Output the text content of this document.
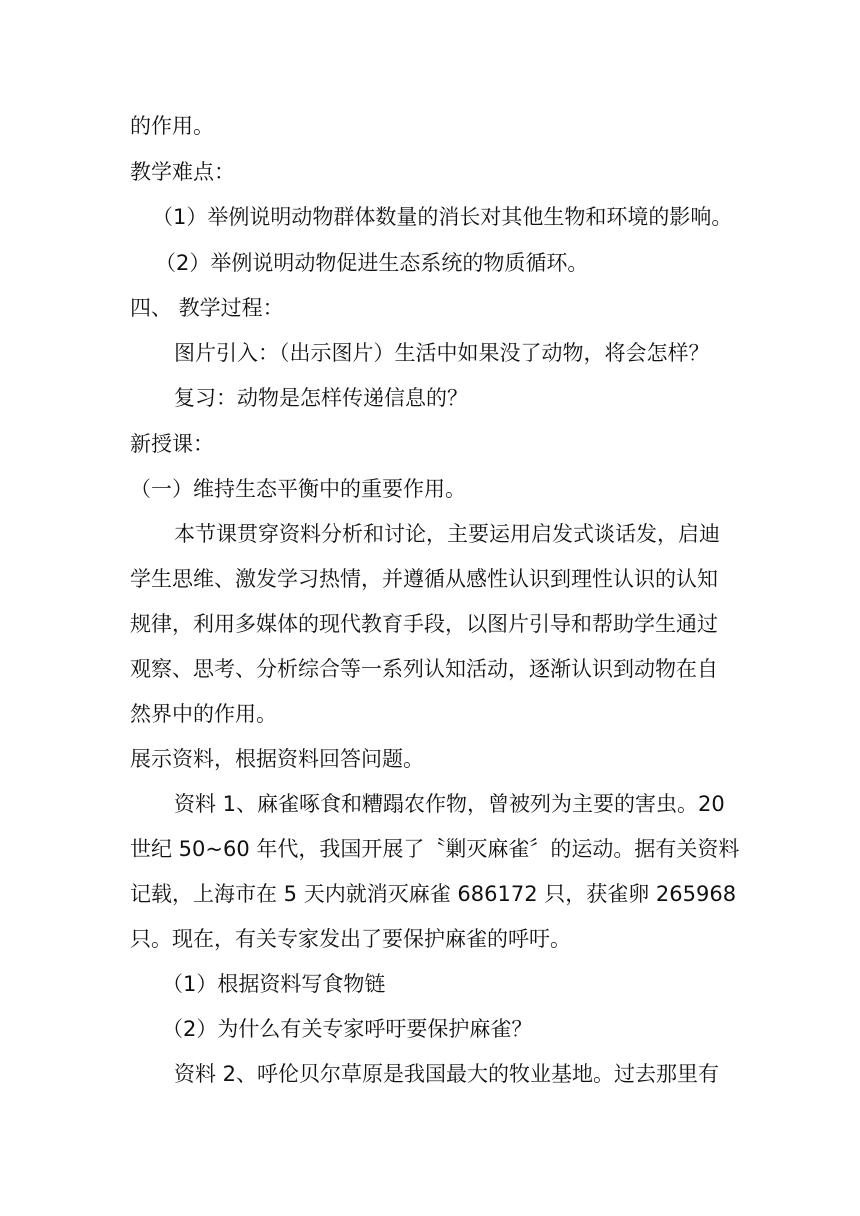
的作用。
教学难点：
（1）举例说明动物群体数量的消长对其他生物和环境的影响。
（2）举例说明动物促进生态系统的物质循环。
四、 教学过程：
图片引入：（出示图片）生活中如果没了动物，将会怎样？
复习：动物是怎样传递信息的？
新授课：
（一）维持生态平衡中的重要作用。
本节课贯穿资料分析和讨论，主要运用启发式谈话发，启迪
学生思维、激发学习热情，并遵循从感性认识到理性认识的认知
规律，利用多媒体的现代教育手段，以图片引导和帮助学生通过
观察、思考、分析综合等一系列认知活动，逐渐认识到动物在自
然界中的作用。
展示资料，根据资料回答问题。
资料 1、麻雀啄食和糟蹋农作物，曾被列为主要的害虫。20
世纪 50~60 年代，我国开展了〝剿灭麻雀〞的运动。据有关资料
记载，上海市在 5 天内就消灭麻雀 686172 只，获雀卵 265968
只。现在，有关专家发出了要保护麻雀的呼吁。
（1）根据资料写食物链
（2）为什么有关专家呼吁要保护麻雀？
资料 2、呼伦贝尔草原是我国最大的牧业基地。过去那里有
